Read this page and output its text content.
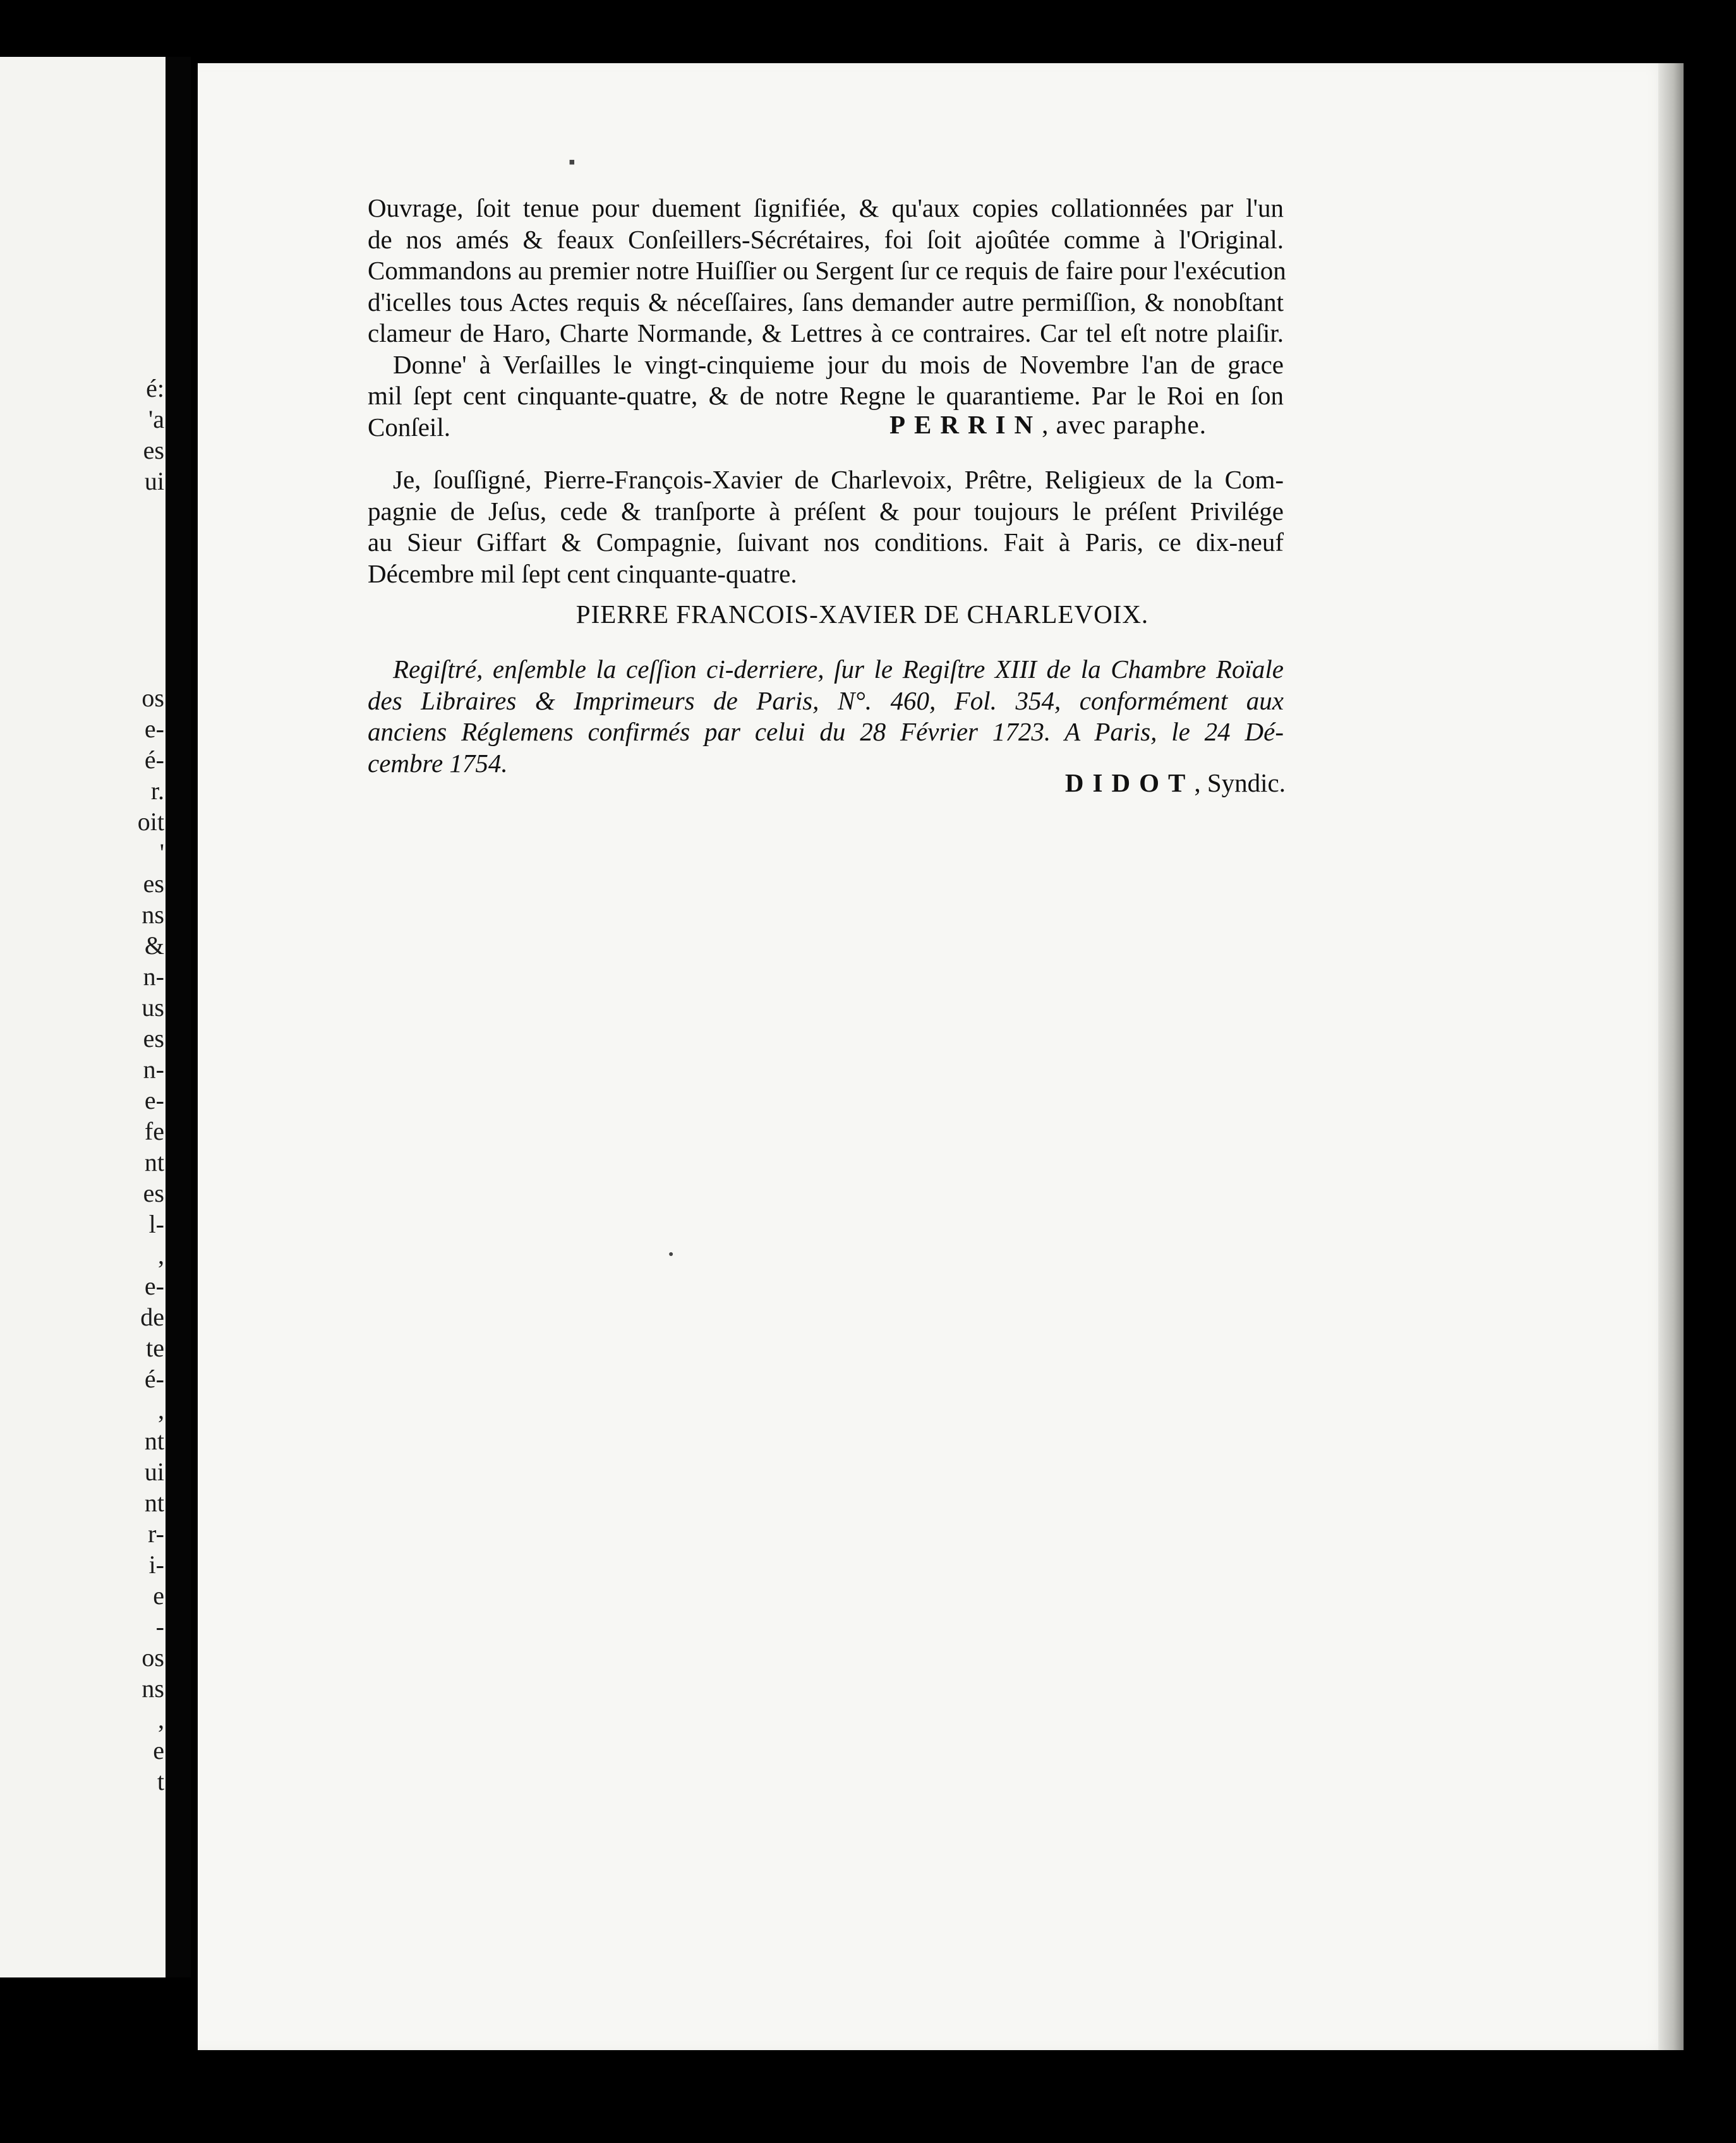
é:
'a
es
ui
os
e-
é-
r.
oit
'
es
ns
&
n-
us
es
n-
e-
fe
nt
es
l-
,
e-
de
te
é-
,
nt
ui
nt
r-
i-
e
-
os
ns
,
e
t
▪
●
Ouvrage, ſoit tenue pour duement ſignifiée, & qu'aux copies collationnées par l'un
de nos amés & feaux Conſeillers-Sécrétaires, foi ſoit ajoûtée comme à l'Original.
Commandons au premier notre Huiſſier ou Sergent ſur ce requis de faire pour l'exécution
d'icelles tous Actes requis & néceſſaires, ſans demander autre permiſſion, & nonobſtant
clameur de Haro, Charte Normande, & Lettres à ce contraires. Car tel eſt notre plaiſir.
Donne' à Verſailles le vingt-cinquieme jour du mois de Novembre l'an de grace
mil ſept cent cinquante-quatre, & de notre Regne le quarantieme. Par le Roi en ſon
Conſeil.	PERRIN, avec paraphe.
Je, ſouſſigné, Pierre-François-Xavier de Charlevoix, Prêtre, Religieux de la Com-
pagnie de Jeſus, cede & tranſporte à préſent & pour toujours le préſent Privilége
au Sieur Giffart & Compagnie, ſuivant nos conditions. Fait à Paris, ce dix-neuf
Décembre mil ſept cent cinquante-quatre.
PIERRE FRANCOIS-XAVIER DE CHARLEVOIX.
Regiſtré, enſemble la ceſſion ci-derriere, ſur le Regiſtre XIII de la Chambre Roïale
des Libraires & Imprimeurs de Paris, N°. 460, Fol. 354, conformément aux
anciens Réglemens confirmés par celui du 28 Février 1723. A Paris, le 24 Dé-
cembre 1754.
DIDOT, Syndic.
